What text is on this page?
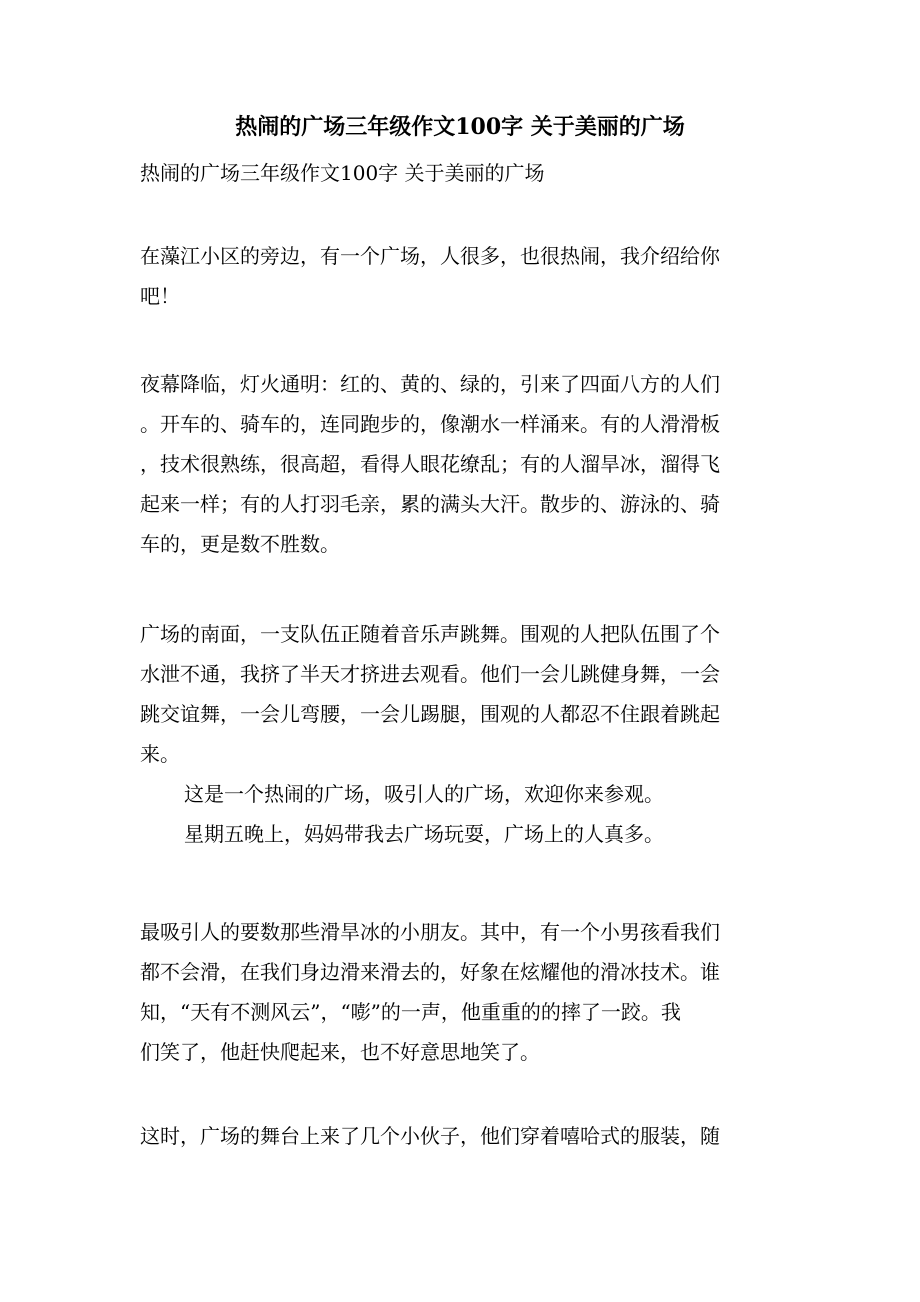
热闹的广场三年级作文100字 关于美丽的广场
热闹的广场三年级作文100字 关于美丽的广场
在藻江小区的旁边，有一个广场，人很多，也很热闹，我介绍给你
吧！
夜幕降临，灯火通明：红的、黄的、绿的，引来了四面八方的人们
。开车的、骑车的，连同跑步的，像潮水一样涌来。有的人滑滑板
，技术很熟练，很高超，看得人眼花缭乱；有的人溜旱冰，溜得飞
起来一样；有的人打羽毛亲，累的满头大汗。散步的、游泳的、骑
车的，更是数不胜数。
广场的南面，一支队伍正随着音乐声跳舞。围观的人把队伍围了个
水泄不通，我挤了半天才挤进去观看。他们一会儿跳健身舞，一会
跳交谊舞，一会儿弯腰，一会儿踢腿，围观的人都忍不住跟着跳起
来。
这是一个热闹的广场，吸引人的广场，欢迎你来参观。
星期五晚上，妈妈带我去广场玩耍，广场上的人真多。
最吸引人的要数那些滑旱冰的小朋友。其中，有一个小男孩看我们
都不会滑，在我们身边滑来滑去的，好象在炫耀他的滑冰技术。谁
知，“天有不测风云”，“嘭”的一声，他重重的的摔了一跤。我
们笑了，他赶快爬起来，也不好意思地笑了。
这时，广场的舞台上来了几个小伙子，他们穿着嘻哈式的服装，随
